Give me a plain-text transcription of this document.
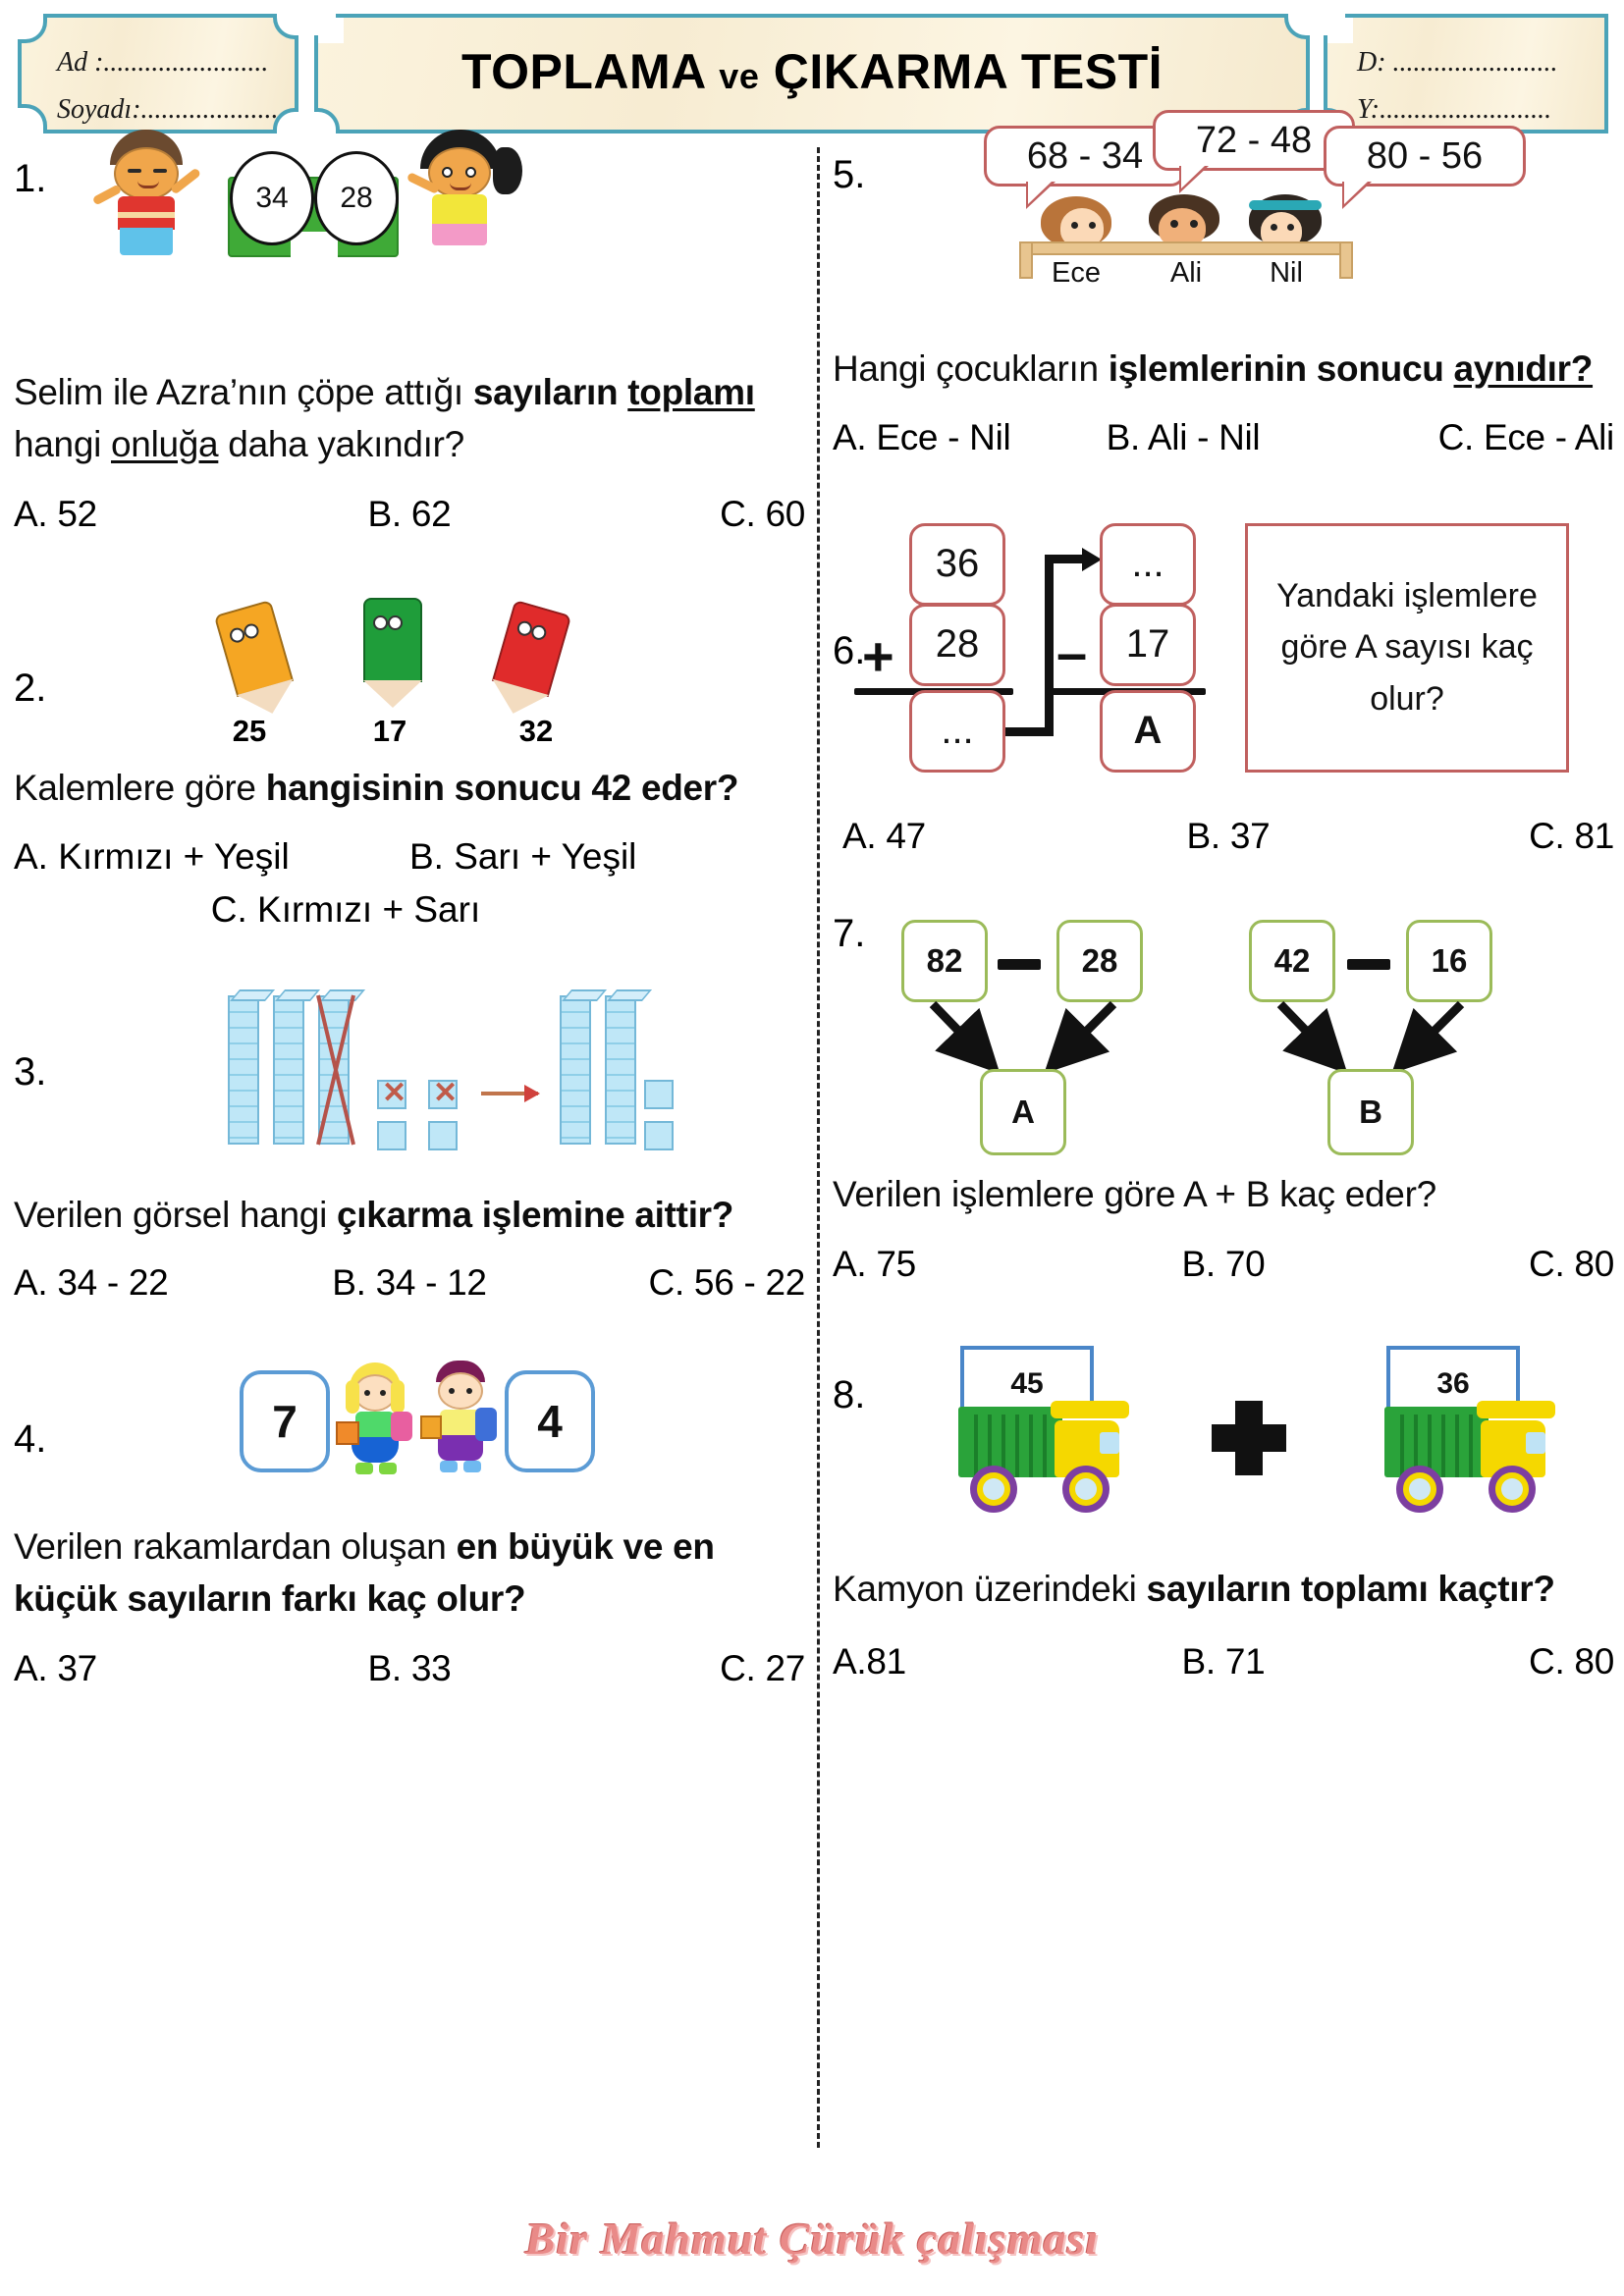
Ad :........................
Soyadı:....................
TOPLAMA ve ÇIKARMA TESTİ	D: ........................
Y:.........................
1.	34 28
Selim ile Azra’nın çöpe attığı sayıların toplamı hangi onluğa daha yakındır?
A. 52	B. 62	C. 60
2.
25	17	32
Kalemlere göre hangisinin sonucu 42 eder?
A. Kırmızı + Yeşil	B. Sarı + Yeşil
C. Kırmızı + Sarı
3.	✕ ✕
Verilen görsel hangi çıkarma işlemine aittir?
A. 34 - 22	B. 34 - 12	C. 56 - 22
4.	7	4
Verilen rakamlardan oluşan en büyük ve en küçük sayıların farkı kaç olur?
A. 37	B. 33	C. 27
5.	68 - 34 72 - 48 80 - 56
Ece	Ali	Nil
Hangi çocukların işlemlerinin sonucu aynıdır?
A. Ece - Nil	B. Ali - Nil	C. Ece - Ali
6.
36
28
+
...
...
17
–
A
Yandaki işlemlere göre A sayısı kaç olur?
A. 47	B. 37	C. 81
7.
82	28
A
42	16
B
Verilen işlemlere göre A + B kaç eder?
A. 75	B. 70	C. 80
8.	45	36
Kamyon üzerindeki sayıların toplamı kaçtır?
A.81	B. 71	C. 80
Bir Mahmut Çürük çalışması
